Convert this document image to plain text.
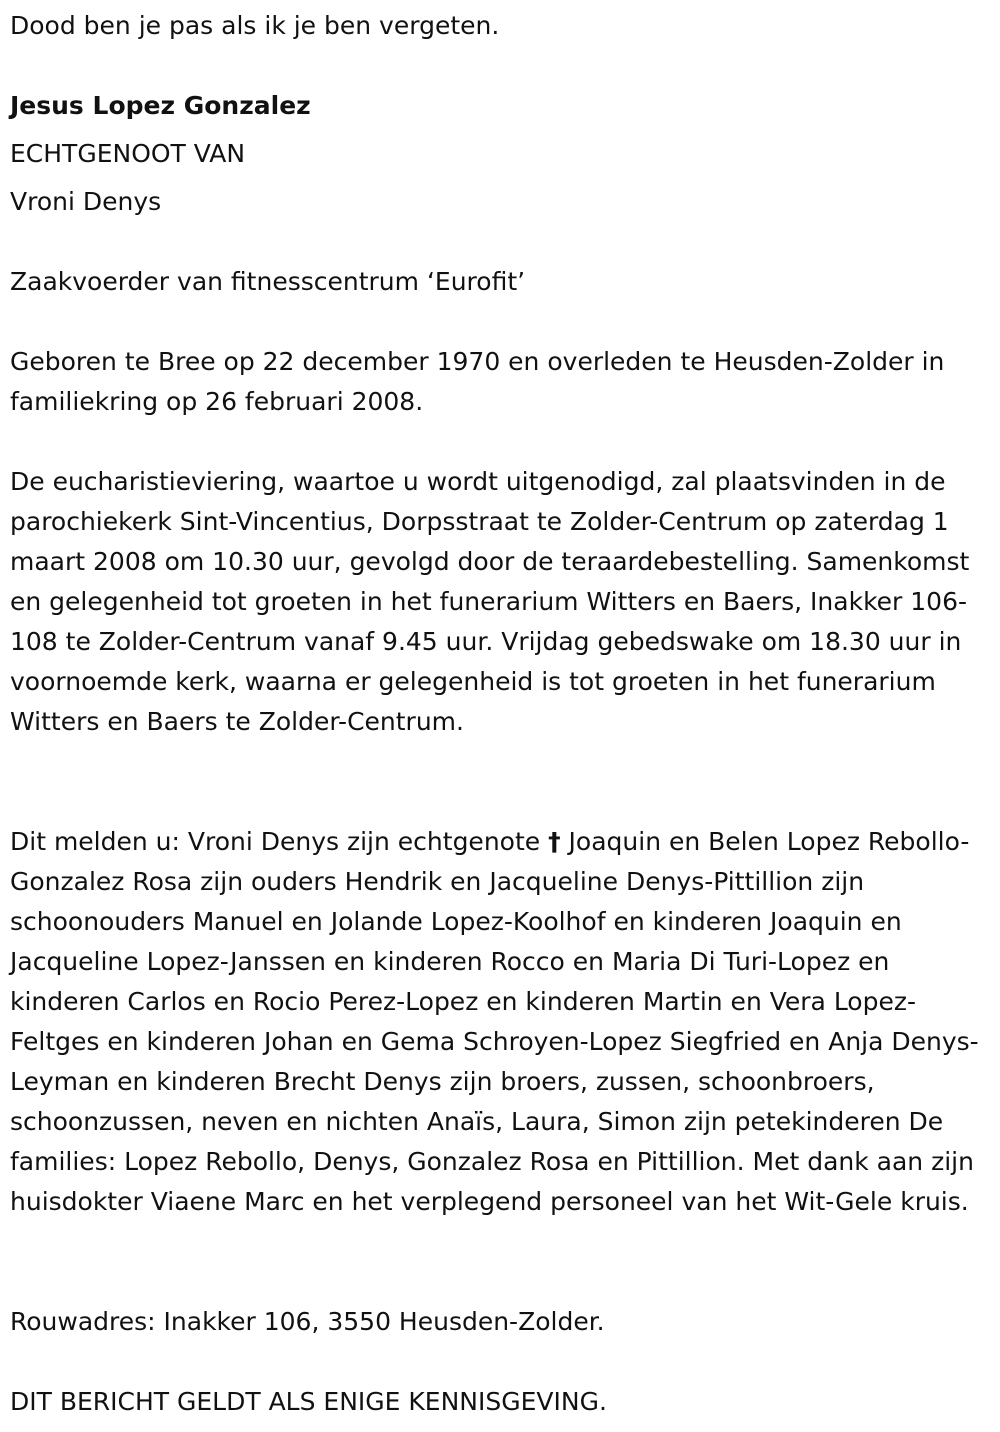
Dood ben je pas als ik je ben vergeten.
Jesus Lopez Gonzalez
ECHTGENOOT VAN
Vroni Denys
Zaakvoerder van fitnesscentrum ‘Eurofit’
Geboren te Bree op 22 december 1970 en overleden te Heusden-Zolder in familiekring op 26 februari 2008.
De eucharistieviering, waartoe u wordt uitgenodigd, zal plaatsvinden in de parochiekerk Sint-Vincentius, Dorpsstraat te Zolder-Centrum op zaterdag 1 maart 2008 om 10.30 uur, gevolgd door de teraardebestelling. Samenkomst en gelegenheid tot groeten in het funerarium Witters en Baers, Inakker 106-108 te Zolder-Centrum vanaf 9.45 uur. Vrijdag gebedswake om 18.30 uur in voornoemde kerk, waarna er gelegenheid is tot groeten in het funerarium Witters en Baers te Zolder-Centrum.
Dit melden u: Vroni Denys zijn echtgenote † Joaquin en Belen Lopez Rebollo-Gonzalez Rosa zijn ouders Hendrik en Jacqueline Denys-Pittillion zijn schoonouders Manuel en Jolande Lopez-Koolhof en kinderen Joaquin en Jacqueline Lopez-Janssen en kinderen Rocco en Maria Di Turi-Lopez en kinderen Carlos en Rocio Perez-Lopez en kinderen Martin en Vera Lopez-Feltges en kinderen Johan en Gema Schroyen-Lopez Siegfried en Anja Denys-Leyman en kinderen Brecht Denys zijn broers, zussen, schoonbroers, schoonzussen, neven en nichten Anaïs, Laura, Simon zijn petekinderen De families: Lopez Rebollo, Denys, Gonzalez Rosa en Pittillion. Met dank aan zijn huisdokter Viaene Marc en het verplegend personeel van het Wit-Gele kruis.
Rouwadres: Inakker 106, 3550 Heusden-Zolder.
DIT BERICHT GELDT ALS ENIGE KENNISGEVING.
